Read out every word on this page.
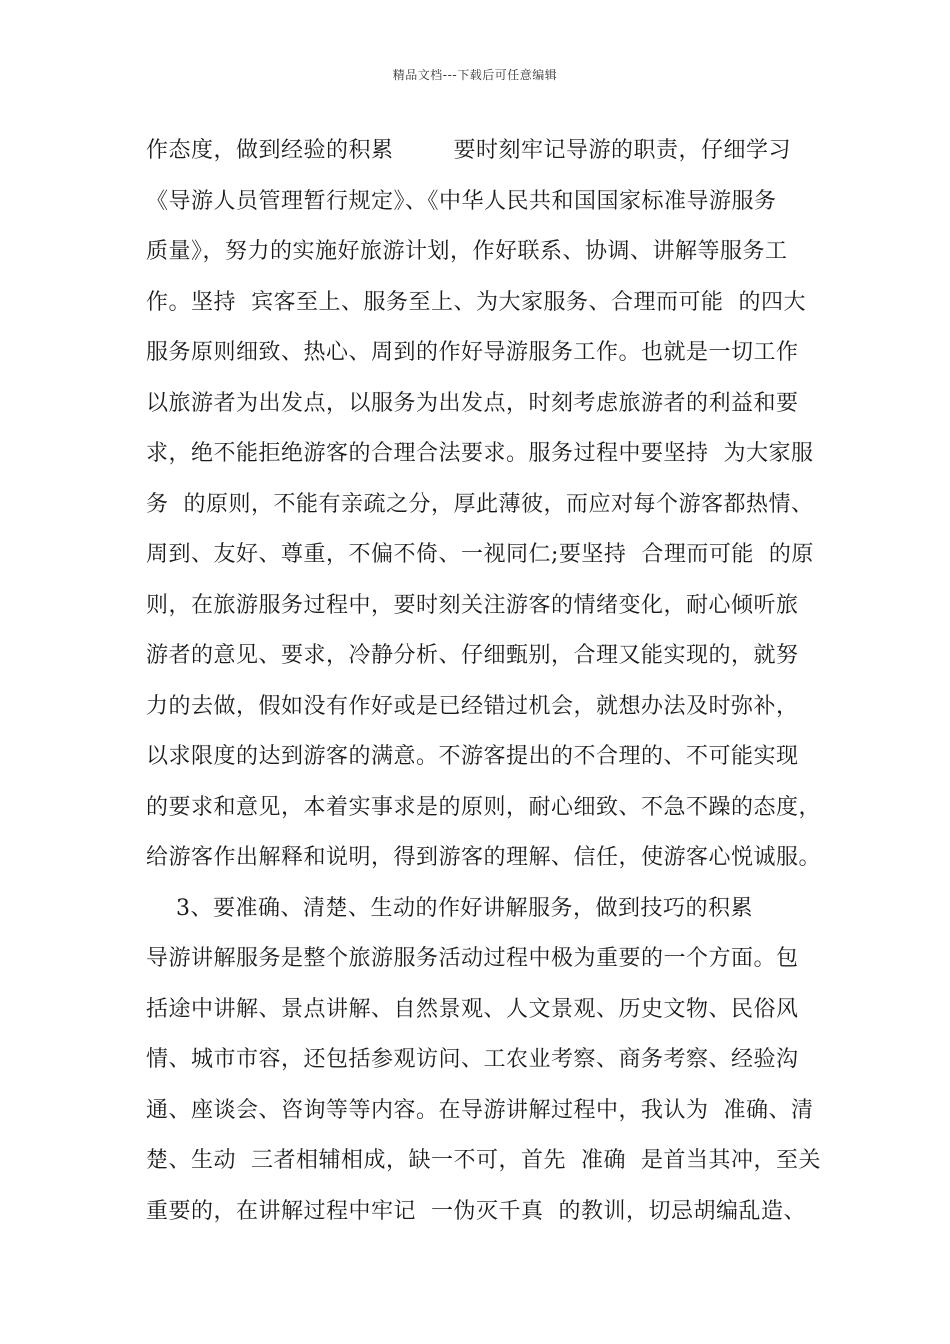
精品文档---下载后可任意编辑
作态度，做到经验的积累        要时刻牢记导游的职责，仔细学习
《导游人员管理暂行规定》、《中华人民共和国国家标准导游服务
质量》，努力的实施好旅游计划，作好联系、协调、讲解等服务工
作。坚持  宾客至上、服务至上、为大家服务、合理而可能  的四大
服务原则细致、热心、周到的作好导游服务工作。也就是一切工作
以旅游者为出发点，以服务为出发点，时刻考虑旅游者的利益和要
求，绝不能拒绝游客的合理合法要求。服务过程中要坚持  为大家服
务  的原则，不能有亲疏之分，厚此薄彼，而应对每个游客都热情、
周到、友好、尊重，不偏不倚、一视同仁;要坚持  合理而可能  的原
则，在旅游服务过程中，要时刻关注游客的情绪变化，耐心倾听旅
游者的意见、要求，冷静分析、仔细甄别，合理又能实现的，就努
力的去做，假如没有作好或是已经错过机会，就想办法及时弥补，
以求限度的达到游客的满意。不游客提出的不合理的、不可能实现
的要求和意见，本着实事求是的原则，耐心细致、不急不躁的态度，
给游客作出解释和说明，得到游客的理解、信任，使游客心悦诚服。
3、要准确、清楚、生动的作好讲解服务，做到技巧的积累
导游讲解服务是整个旅游服务活动过程中极为重要的一个方面。包
括途中讲解、景点讲解、自然景观、人文景观、历史文物、民俗风
情、城市市容，还包括参观访问、工农业考察、商务考察、经验沟
通、座谈会、咨询等等内容。在导游讲解过程中，我认为  准确、清
楚、生动  三者相辅相成，缺一不可，首先  准确  是首当其冲，至关
重要的，在讲解过程中牢记  一伪灭千真  的教训，切忌胡编乱造、
